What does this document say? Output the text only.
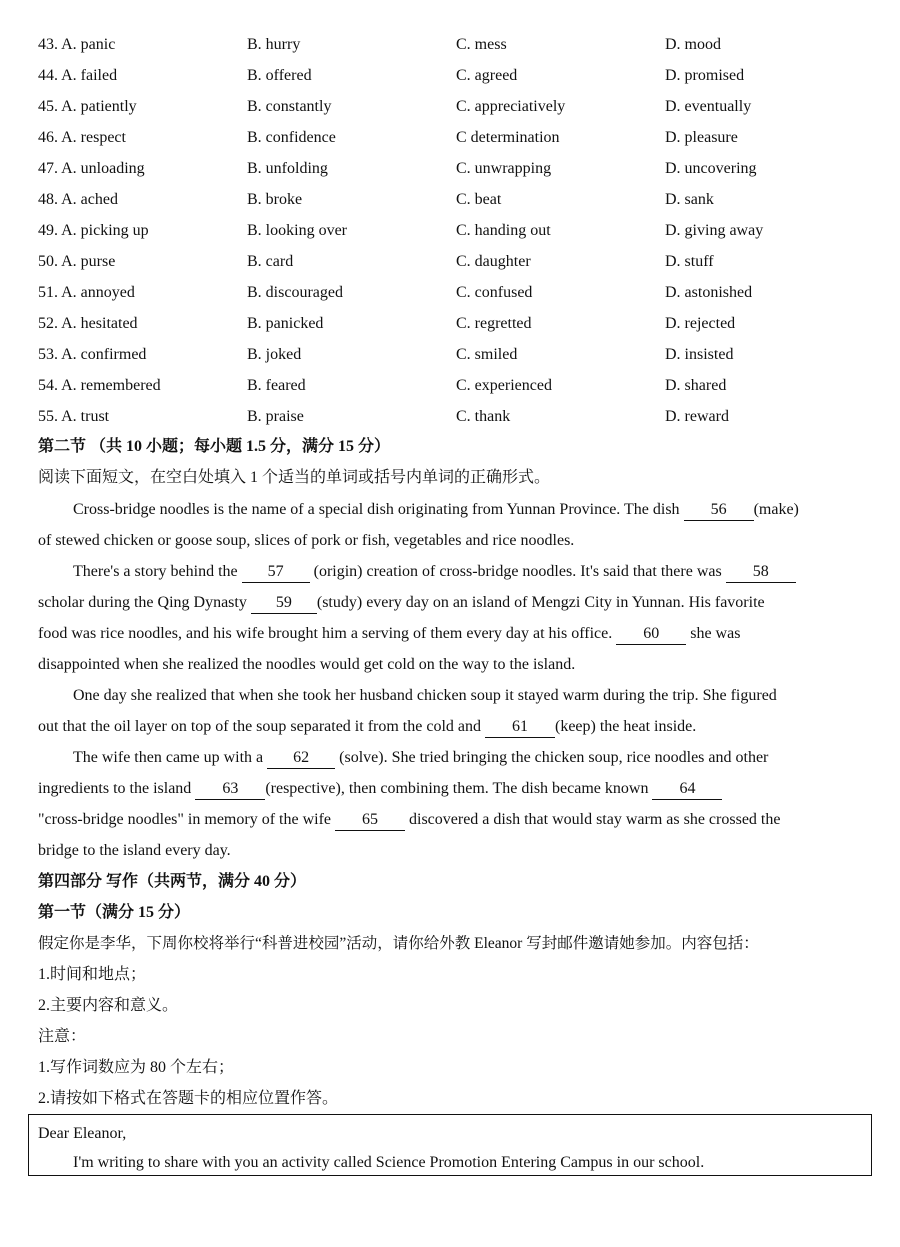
43. A. panic	B. hurry	C. mess	D. mood
44. A. failed	B. offered	C. agreed	D. promised
45. A. patiently	B. constantly	C. appreciatively	D. eventually
46. A. respect	B. confidence	C determination	D. pleasure
47. A. unloading	B. unfolding	C. unwrapping	D. uncovering
48. A. ached	B. broke	C. beat	D. sank
49. A. picking up	B. looking over	C. handing out	D. giving away
50. A. purse	B. card	C. daughter	D. stuff
51. A. annoyed	B. discouraged	C. confused	D. astonished
52. A. hesitated	B. panicked	C. regretted	D. rejected
53. A. confirmed	B. joked	C. smiled	D. insisted
54. A. remembered	B. feared	C. experienced	D. shared
55. A. trust	B. praise	C. thank	D. reward
第二节 （共 10 小题；每小题 1.5 分，满分 15 分）
阅读下面短文，在空白处填入 1 个适当的单词或括号内单词的正确形式。
Cross-bridge noodles is the name of a special dish originating from Yunnan Province. The dish 56 (make)
of stewed chicken or goose soup, slices of pork or fish, vegetables and rice noodles.
There's a story behind the 57 (origin) creation of cross-bridge noodles. It's said that there was 58
scholar during the Qing Dynasty 59 (study) every day on an island of Mengzi City in Yunnan. His favorite
food was rice noodles, and his wife brought him a serving of them every day at his office. 60 she was
disappointed when she realized the noodles would get cold on the way to the island.
One day she realized that when she took her husband chicken soup it stayed warm during the trip. She figured
out that the oil layer on top of the soup separated it from the cold and 61 (keep) the heat inside.
The wife then came up with a 62 (solve). She tried bringing the chicken soup, rice noodles and other
ingredients to the island 63 (respective), then combining them. The dish became known 64
"cross-bridge noodles" in memory of the wife 65 discovered a dish that would stay warm as she crossed the
bridge to the island every day.
第四部分 写作（共两节，满分 40 分）
第一节（满分 15 分）
假定你是李华，下周你校将举行“科普进校园”活动，请你给外教 Eleanor 写封邮件邀请她参加。内容包括：
1.时间和地点；
2.主要内容和意义。
注意：
1.写作词数应为 80 个左右；
2.请按如下格式在答题卡的相应位置作答。
Dear Eleanor,
I'm writing to share with you an activity called Science Promotion Entering Campus in our school.
